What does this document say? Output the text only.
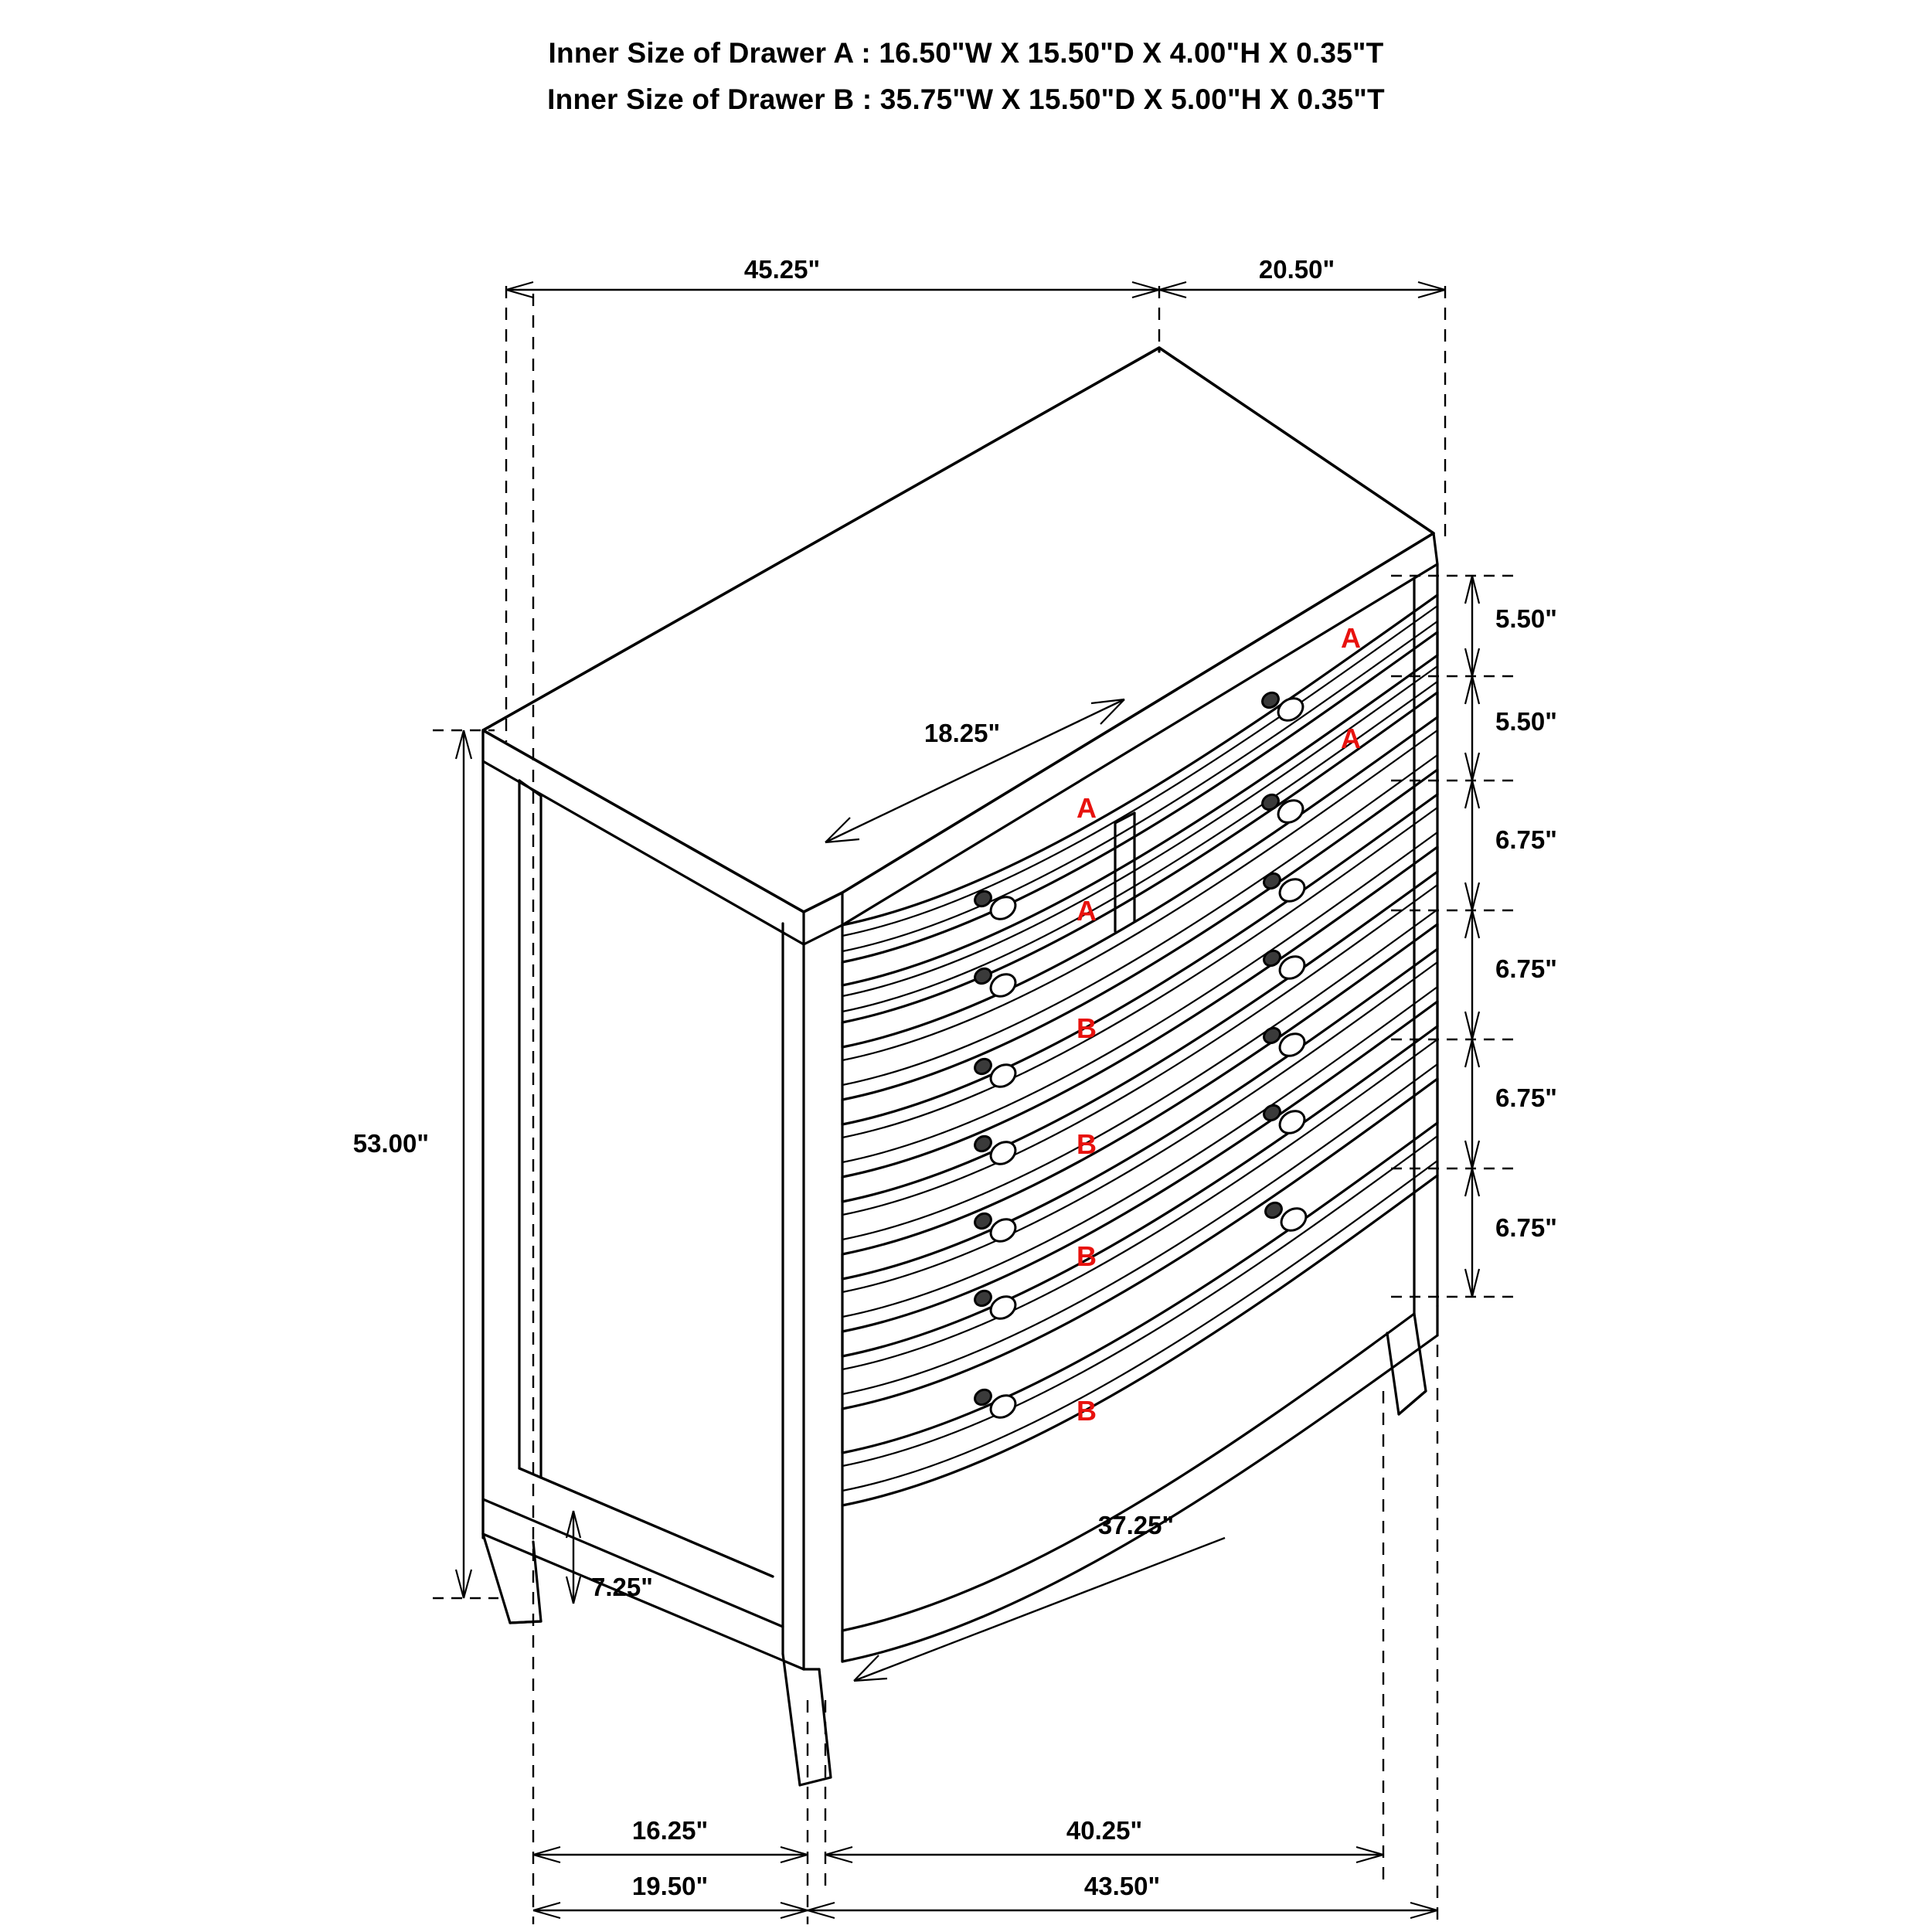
Inner Size of Drawer A : 16.50"W X 15.50"D X 4.00"H X 0.35"T
Inner Size of Drawer B : 35.75"W X 15.50"D X 5.00"H X 0.35"T
45.25"	20.50"
18.25"
53.00"
7.25"
37.25"
5.50"
5.50"
6.75"
6.75"
6.75"
6.75"
16.25"	40.25"
19.50"	43.50"
A
A
A
A
B
B
B
B
